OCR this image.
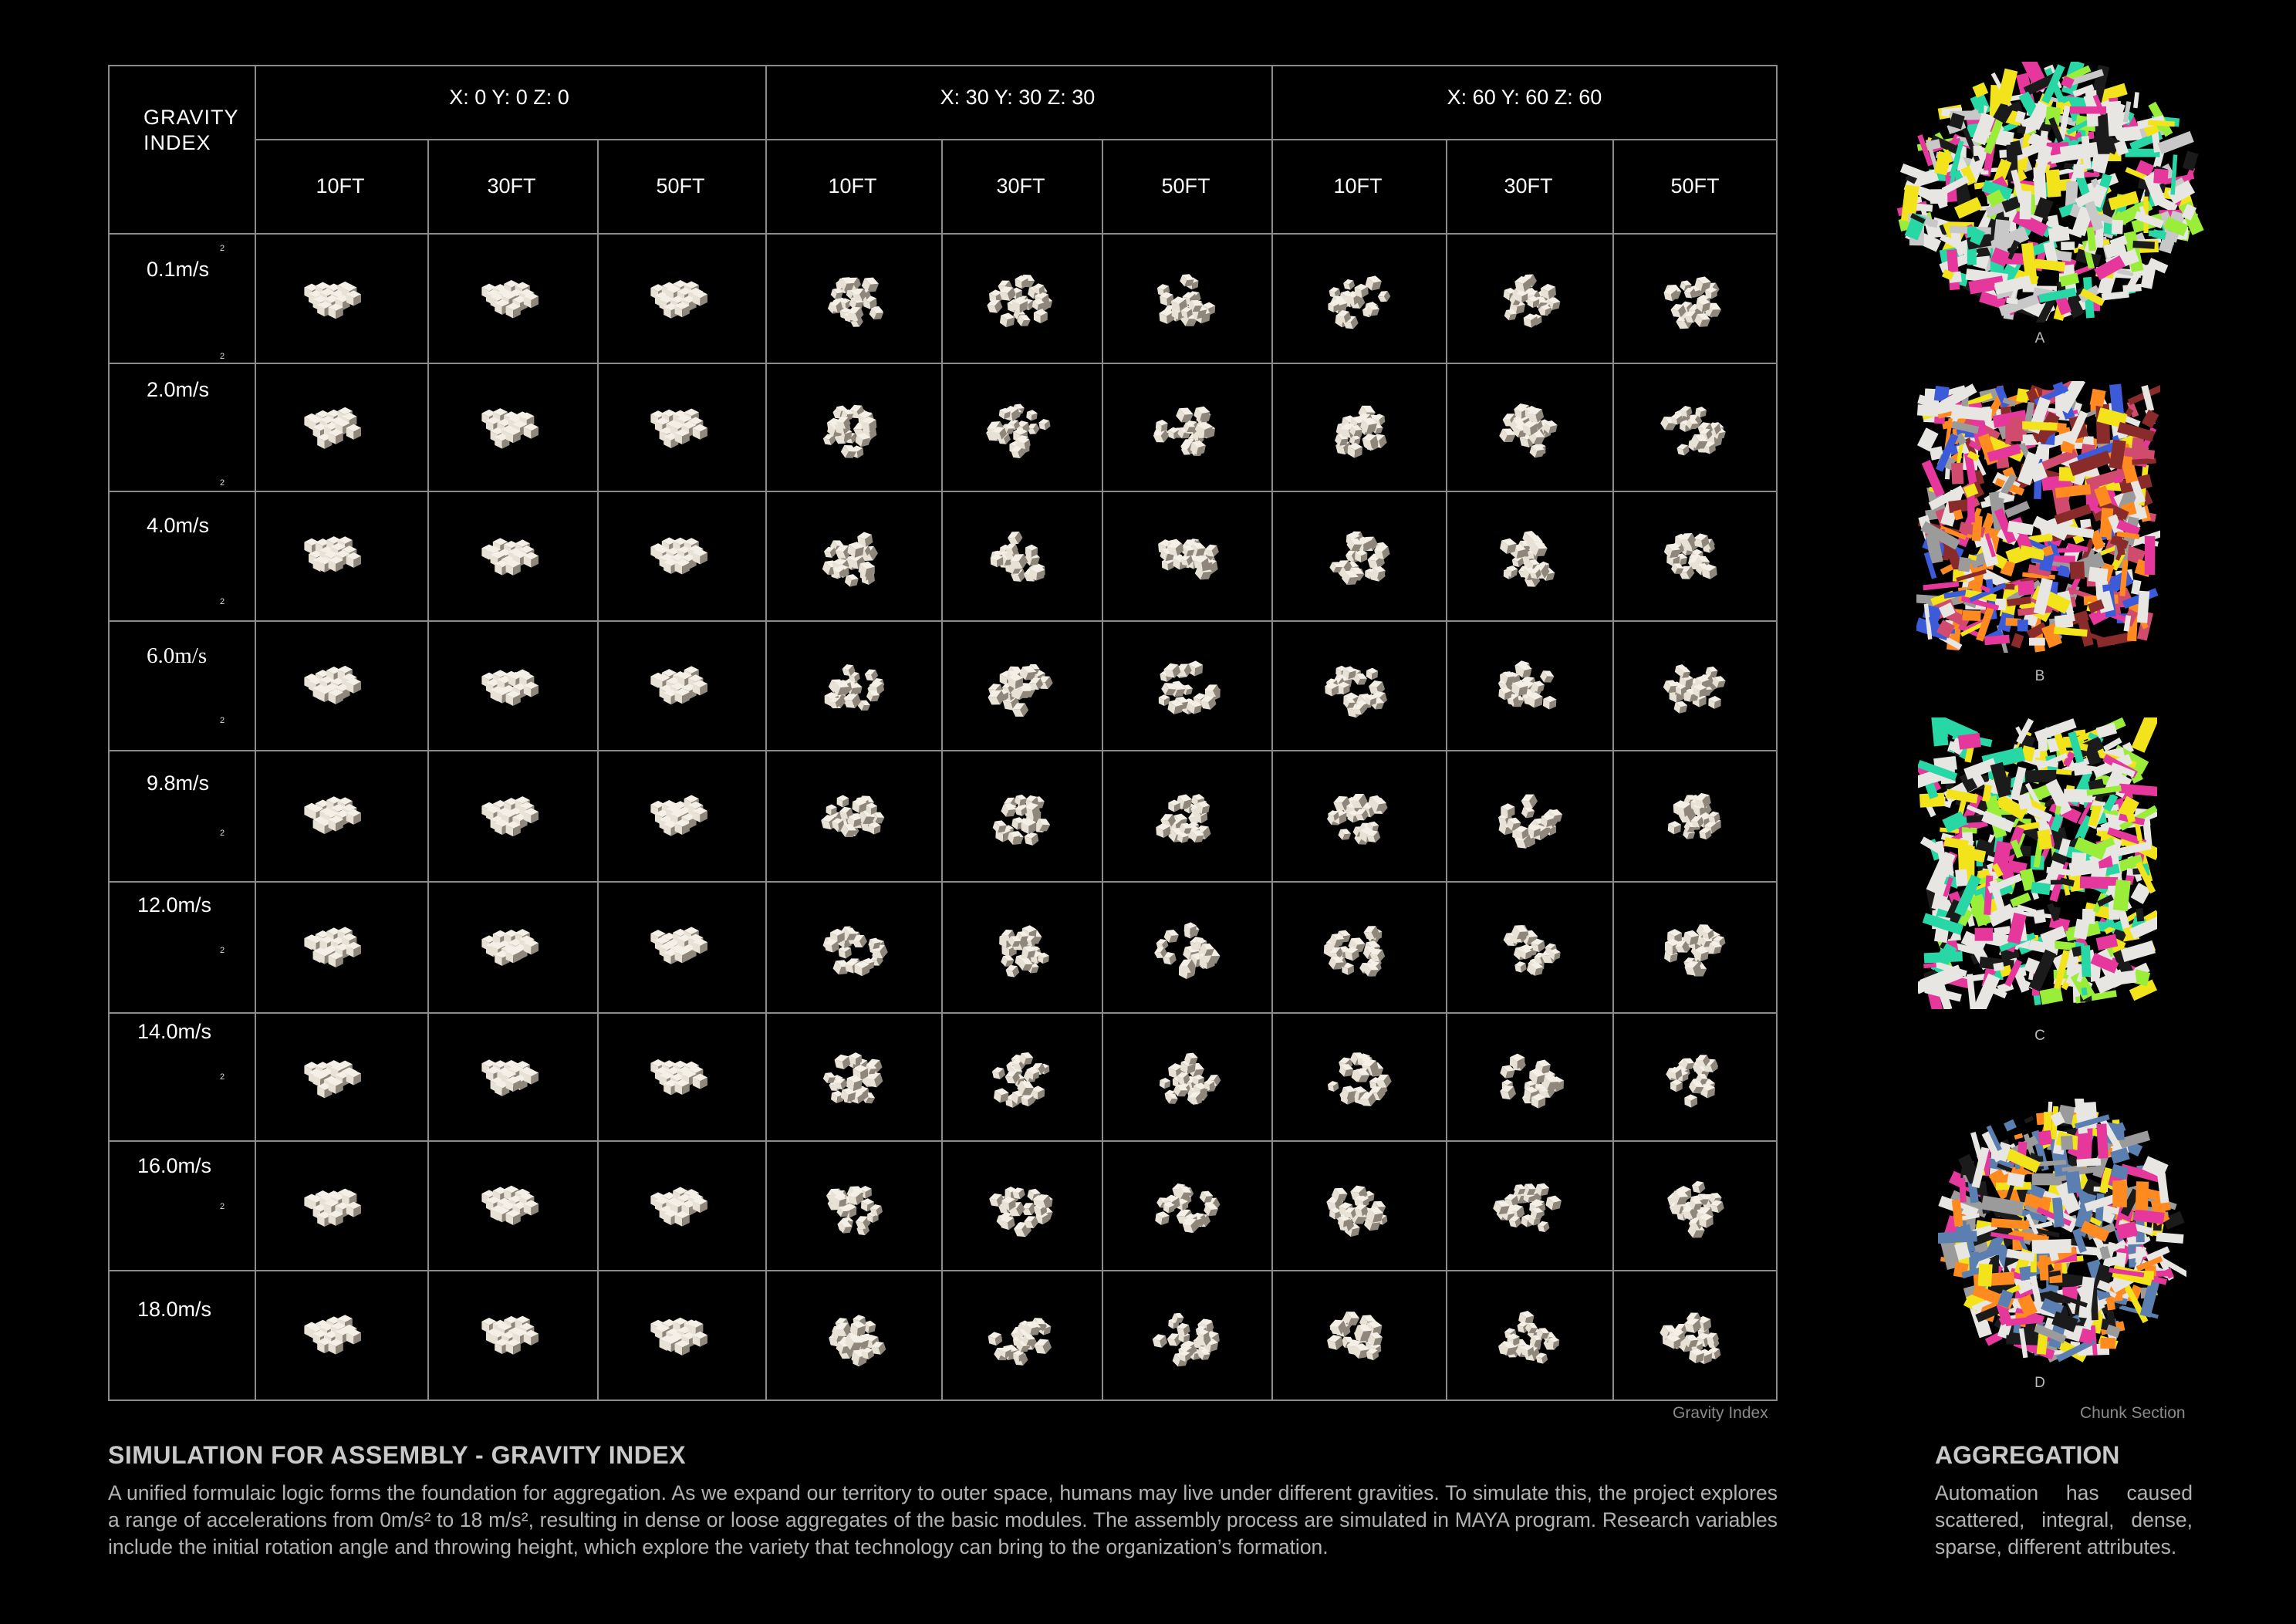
GRAVITY
INDEX
X: 0 Y: 0 Z: 0	X: 30 Y: 30 Z: 30	X: 60 Y: 60 Z: 60
10FT	30FT	50FT	10FT	30FT	50FT	10FT	30FT	50FT
0.1m/s
2.0m/s
4.0m/s
6.0m/s
9.8m/s
12.0m/s
14.0m/s
16.0m/s
18.0m/s
2
2
2
2
2
2
2
2
2
Gravity Index
SIMULATION FOR ASSEMBLY - GRAVITY INDEX
A unified formulaic logic forms the foundation for aggregation. As we expand our territory to outer space, humans may live under different gravities. To simulate this, the project explores a range of accelerations from 0m/s² to 18 m/s², resulting in dense or loose aggregates of the basic modules. The assembly process are simulated in MAYA program. Research variables include the initial rotation angle and throwing height, which explore the variety that technology can bring to the organization’s formation.
A
B
C
D
Chunk Section
AGGREGATION
Automation has caused scattered, integral, dense, sparse, different attributes.
